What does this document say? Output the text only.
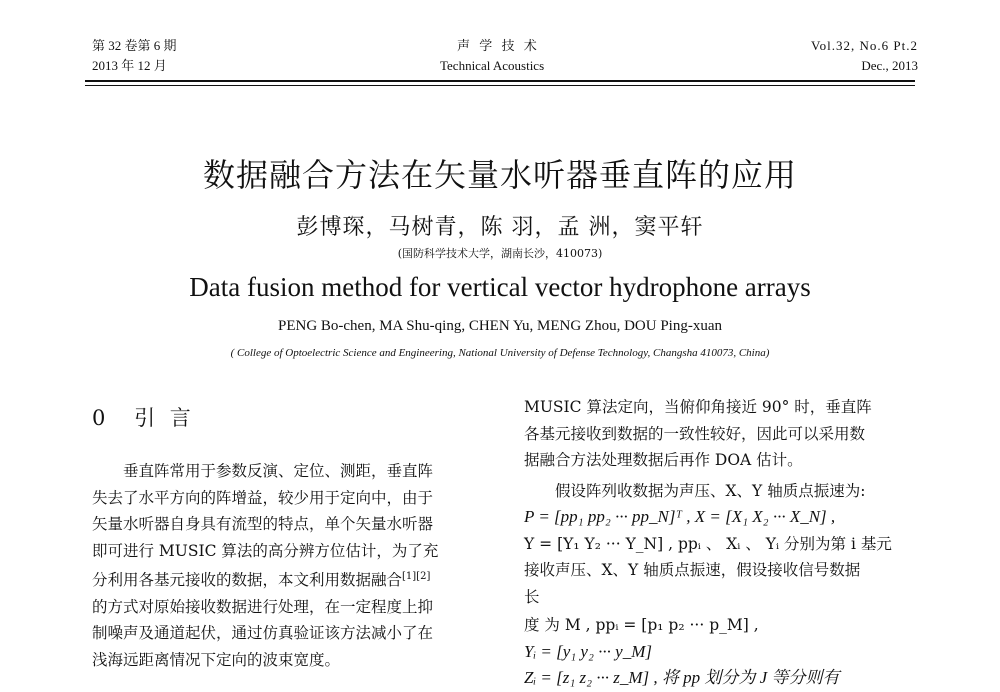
第 32 卷第 6 期
2013 年 12 月
声 学 技 术
Technical Acoustics
Vol.32, No.6 Pt.2
Dec., 2013
数据融合方法在矢量水听器垂直阵的应用
彭博琛，马树青，陈 羽，孟 洲，窦平轩
(国防科学技术大学，湖南长沙，410073)
Data fusion method for vertical vector hydrophone arrays
PENG Bo-chen, MA Shu-qing, CHEN Yu, MENG Zhou, DOU Ping-xuan
( College of Optoelectric Science and Engineering, National University of Defense Technology, Changsha 410073, China)
0 引 言

垂直阵常用于参数反演、定位、测距，垂直阵

失去了水平方向的阵增益，较少用于定向中，由于

矢量水听器自身具有流型的特点，单个矢量水听器

即可进行 MUSIC 算法的高分辨方位估计，为了充

分利用各基元接收的数据，本文利用数据融合[1][2]

的方式对原始接收数据进行处理，在一定程度上抑

制噪声及通道起伏，通过仿真验证该方法减小了在

浅海远距离情况下定向的波束宽度。

MUSIC 算法定向，当俯仰角接近 90° 时，垂直阵

各基元接收到数据的一致性较好，因此可以采用数

据融合方法处理数据后再作 DOA 估计。

假设阵列收数据为声压、X、Y 轴质点振速为:

P = [pp₁ pp₂ ··· pp_N]ᵀ , X = [X₁ X₂ ··· X_N] ,

Y = [Y₁ Y₂ ··· Y_N] , ppᵢ 、 Xᵢ 、 Yᵢ 分别为第 i 基元

接收声压、X、Y 轴质点振速，假设接收信号数据

长

度 为 M , ppᵢ = [p₁ p₂ ··· p_M] ,

Yᵢ = [y₁ y₂ ··· y_M]

Zᵢ = [z₁ z₂ ··· z_M] , 将 pp 划分为 J 等分则有
